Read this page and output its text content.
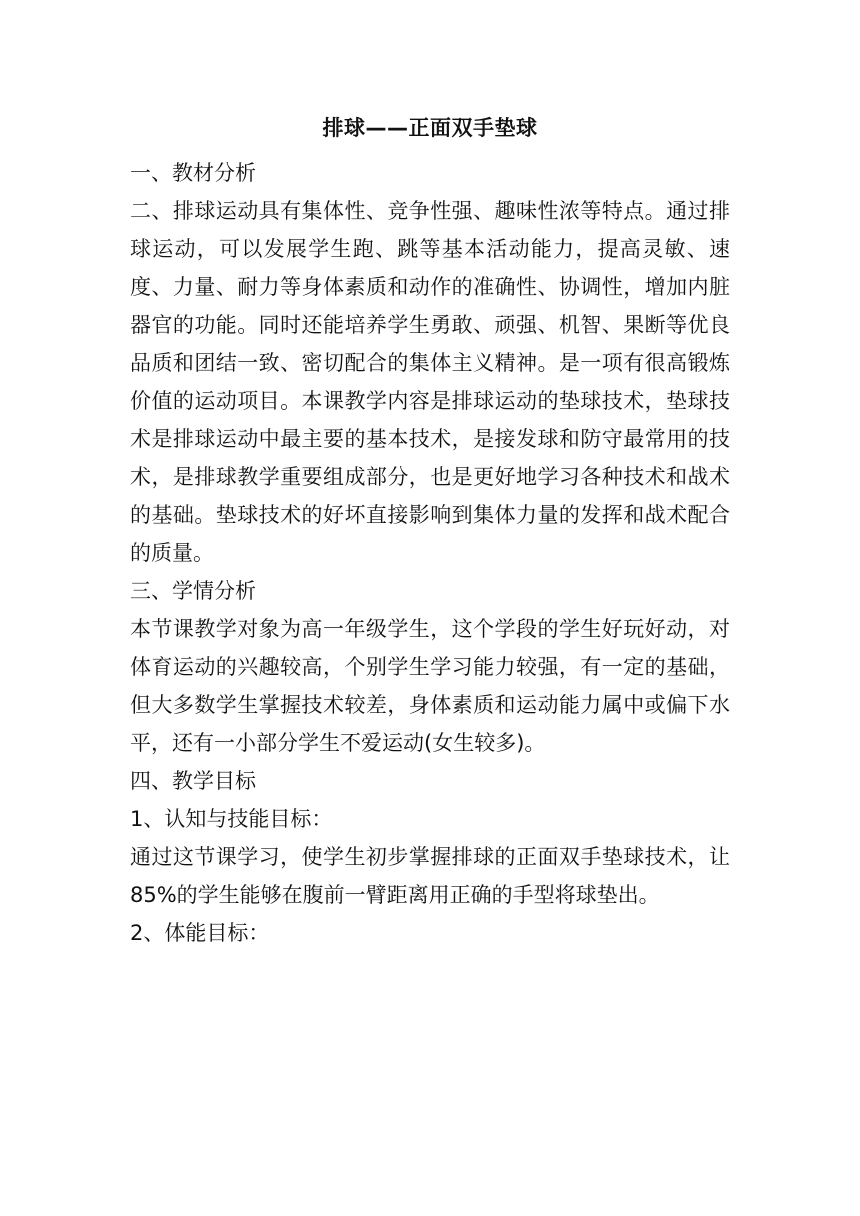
排球——正面双手垫球

一、教材分析

二、排球运动具有集体性、竞争性强、趣味性浓等特点。通过排球运动，可以发展学生跑、跳等基本活动能力，提高灵敏、速度、力量、耐力等身体素质和动作的准确性、协调性，增加内脏器官的功能。同时还能培养学生勇敢、顽强、机智、果断等优良品质和团结一致、密切配合的集体主义精神。是一项有很高锻炼价值的运动项目。本课教学内容是排球运动的垫球技术，垫球技术是排球运动中最主要的基本技术，是接发球和防守最常用的技术，是排球教学重要组成部分，也是更好地学习各种技术和战术的基础。垫球技术的好坏直接影响到集体力量的发挥和战术配合的质量。

三、学情分析

本节课教学对象为高一年级学生，这个学段的学生好玩好动，对体育运动的兴趣较高，个别学生学习能力较强，有一定的基础，但大多数学生掌握技术较差，身体素质和运动能力属中或偏下水平，还有一小部分学生不爱运动(女生较多)。

四、教学目标

1、认知与技能目标：

通过这节课学习，使学生初步掌握排球的正面双手垫球技术，让85%的学生能够在腹前一臂距离用正确的手型将球垫出。

2、体能目标：
